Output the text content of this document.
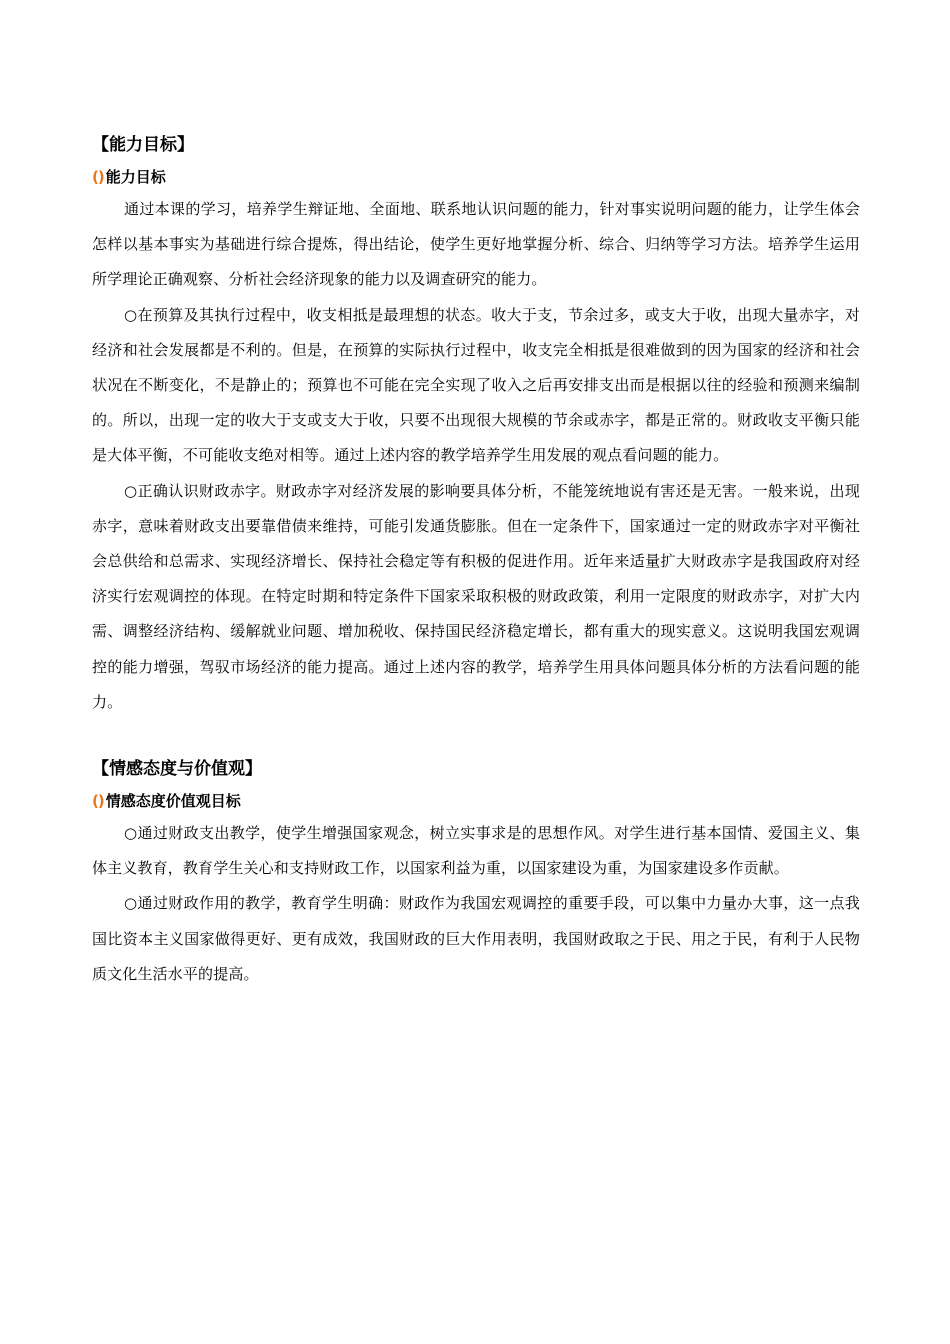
【能力目标】
() 能力目标

通过本课的学习，培养学生辩证地、全面地、联系地认识问题的能力，针对事实说明问题的能力，让学生体会怎样以基本事实为基础进行综合提炼，得出结论，使学生更好地掌握分析、综合、归纳等学习方法。培养学生运用所学理论正确观察、分析社会经济现象的能力以及调查研究的能力。

○在预算及其执行过程中，收支相抵是最理想的状态。收大于支，节余过多，或支大于收，出现大量赤字，对经济和社会发展都是不利的。但是，在预算的实际执行过程中，收支完全相抵是很难做到的因为国家的经济和社会状况在不断变化，不是静止的；预算也不可能在完全实现了收入之后再安排支出而是根据以往的经验和预测来编制的。所以，出现一定的收大于支或支大于收，只要不出现很大规模的节余或赤字，都是正常的。财政收支平衡只能是大体平衡，不可能收支绝对相等。通过上述内容的教学培养学生用发展的观点看问题的能力。

○正确认识财政赤字。财政赤字对经济发展的影响要具体分析，不能笼统地说有害还是无害。一般来说，出现赤字，意味着财政支出要靠借债来维持，可能引发通货膨胀。但在一定条件下，国家通过一定的财政赤字对平衡社会总供给和总需求、实现经济增长、保持社会稳定等有积极的促进作用。近年来适量扩大财政赤字是我国政府对经济实行宏观调控的体现。在特定时期和特定条件下国家采取积极的财政政策，利用一定限度的财政赤字，对扩大内需、调整经济结构、缓解就业问题、增加税收、保持国民经济稳定增长，都有重大的现实意义。这说明我国宏观调控的能力增强，驾驭市场经济的能力提高。通过上述内容的教学，培养学生用具体问题具体分析的方法看问题的能力。

【情感态度与价值观】
() 情感态度价值观目标

○通过财政支出教学，使学生增强国家观念，树立实事求是的思想作风。对学生进行基本国情、爱国主义、集体主义教育，教育学生关心和支持财政工作，以国家利益为重，以国家建设为重，为国家建设多作贡献。

○通过财政作用的教学，教育学生明确：财政作为我国宏观调控的重要手段，可以集中力量办大事，这一点我国比资本主义国家做得更好、更有成效，我国财政的巨大作用表明，我国财政取之于民、用之于民，有利于人民物质文化生活水平的提高。
